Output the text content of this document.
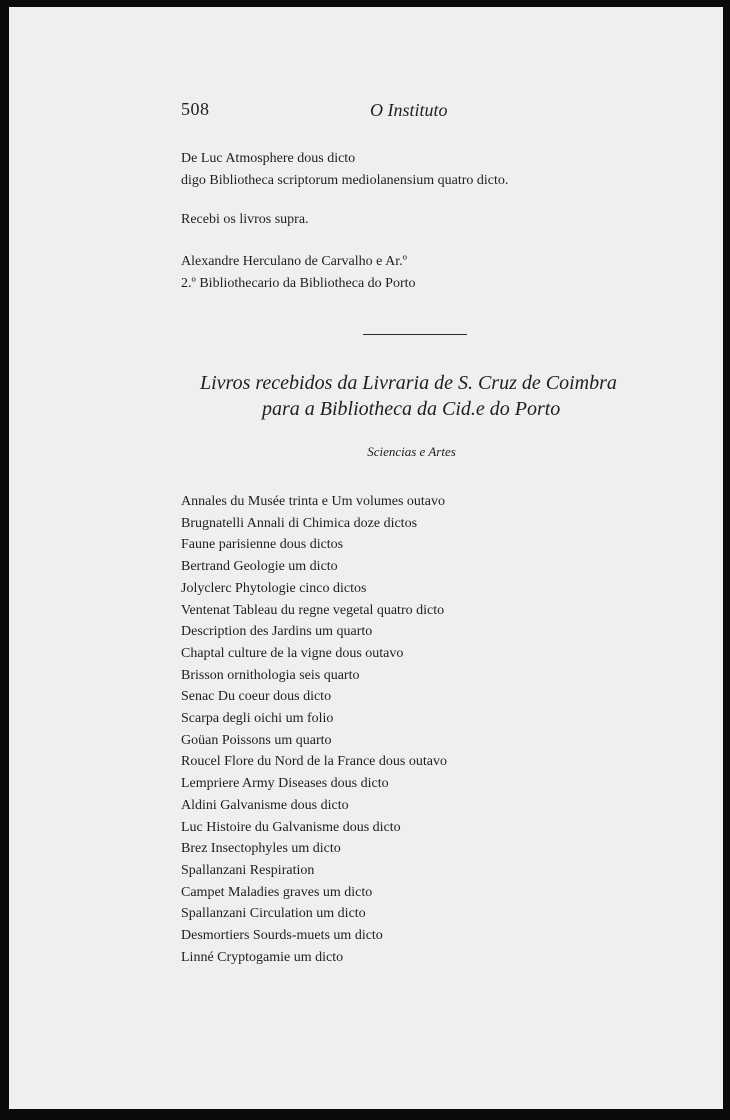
508	O Instituto
De Luc Atmosphere dous dicto
digo Bibliotheca scriptorum mediolanensium quatro dicto.
Recebi os livros supra.
Alexandre Herculano de Carvalho e Ar.º
2.º Bibliothecario da Bibliotheca do Porto
Livros recebidos da Livraria de S. Cruz de Coimbra
para a Bibliotheca da Cid.e do Porto
Sciencias e Artes
Annales du Musée trinta e Um volumes outavo
Brugnatelli Annali di Chimica doze dictos
Faune parisienne dous dictos
Bertrand Geologie um dicto
Jolyclerc Phytologie cinco dictos
Ventenat Tableau du regne vegetal quatro dicto
Description des Jardins um quarto
Chaptal culture de la vigne dous outavo
Brisson ornithologia seis quarto
Senac Du coeur dous dicto
Scarpa degli oichi um folio
Goüan Poissons um quarto
Roucel Flore du Nord de la France dous outavo
Lempriere Army Diseases dous dicto
Aldini Galvanisme dous dicto
Luc Histoire du Galvanisme dous dicto
Brez Insectophyles um dicto
Spallanzani Respiration
Campet Maladies graves um dicto
Spallanzani Circulation um dicto
Desmortiers Sourds-muets um dicto
Linné Cryptogamie um dicto
